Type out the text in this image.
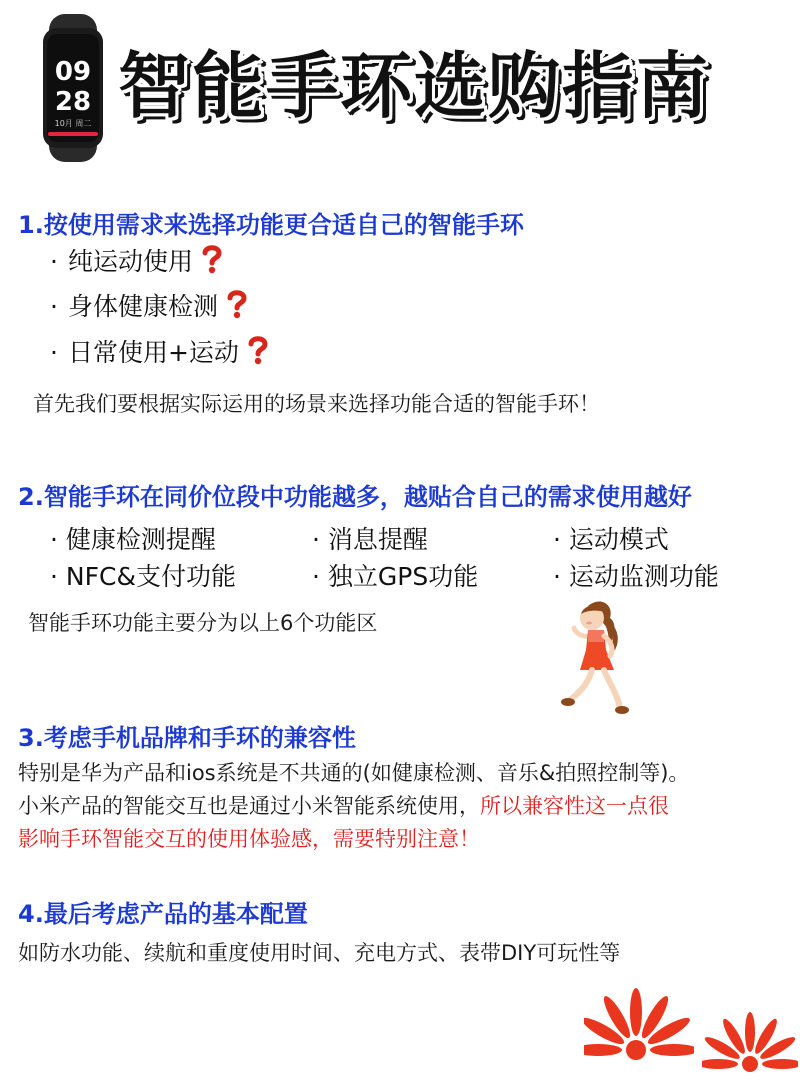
09
28
10月 周二 智能手环选购指南
1.按使用需求来选择功能更合适自己的智能手环
· 纯运动使用
· 身体健康检测
· 日常使用+运动
首先我们要根据实际运用的场景来选择功能合适的智能手环！
2.智能手环在同价位段中功能越多，越贴合自己的需求使用越好
· 健康检测提醒	· 消息提醒	· 运动模式
· NFC&支付功能	· 独立GPS功能	· 运动监测功能
智能手环功能主要分为以上6个功能区
3.考虑手机品牌和手环的兼容性
特别是华为产品和ios系统是不共通的(如健康检测、音乐&拍照控制等)。
小米产品的智能交互也是通过小米智能系统使用，所以兼容性这一点很
影响手环智能交互的使用体验感，需要特别注意！
4.最后考虑产品的基本配置
如防水功能、续航和重度使用时间、充电方式、表带DIY可玩性等
